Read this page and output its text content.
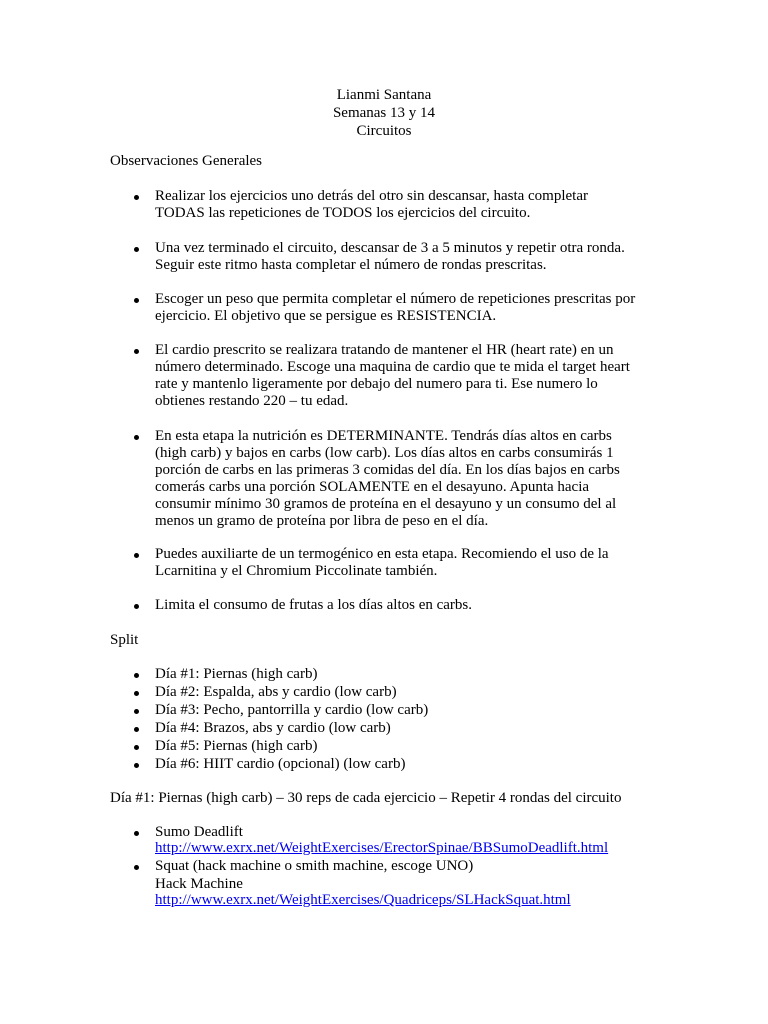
Lianmi Santana
Semanas 13 y 14
Circuitos
Observaciones Generales
Realizar los ejercicios uno detrás del otro sin descansar, hasta completar
TODAS las repeticiones de TODOS los ejercicios del circuito.
Una vez terminado el circuito, descansar de 3 a 5 minutos y repetir otra ronda.
Seguir este ritmo hasta completar el número de rondas prescritas.
Escoger un peso que permita completar el número de repeticiones prescritas por
ejercicio. El objetivo que se persigue es RESISTENCIA.
El cardio prescrito se realizara tratando de mantener el HR (heart rate) en un
número determinado. Escoge una maquina de cardio que te mida el target heart
rate y mantenlo ligeramente por debajo del numero para ti. Ese numero lo
obtienes restando 220 – tu edad.
En esta etapa la nutrición es DETERMINANTE. Tendrás días altos en carbs
(high carb) y bajos en carbs (low carb). Los días altos en carbs consumirás 1
porción de carbs en las primeras 3 comidas del día. En los días bajos en carbs
comerás carbs una porción SOLAMENTE en el desayuno. Apunta hacia
consumir mínimo 30 gramos de proteína en el desayuno y un consumo del al
menos un gramo de proteína por libra de peso en el día.
Puedes auxiliarte de un termogénico en esta etapa. Recomiendo el uso de la
Lcarnitina y el Chromium Piccolinate también.
Limita el consumo de frutas a los días altos en carbs.
Split
Día #1: Piernas (high carb)
Día #2: Espalda, abs y cardio (low carb)
Día #3: Pecho, pantorrilla y cardio (low carb)
Día #4: Brazos, abs y cardio (low carb)
Día #5: Piernas (high carb)
Día #6: HIIT cardio (opcional) (low carb)
Día #1: Piernas (high carb) – 30 reps de cada ejercicio – Repetir 4 rondas del circuito
Sumo Deadlift
http://www.exrx.net/WeightExercises/ErectorSpinae/BBSumoDeadlift.html
Squat (hack machine o smith machine, escoge UNO)
Hack Machine
http://www.exrx.net/WeightExercises/Quadriceps/SLHackSquat.html
